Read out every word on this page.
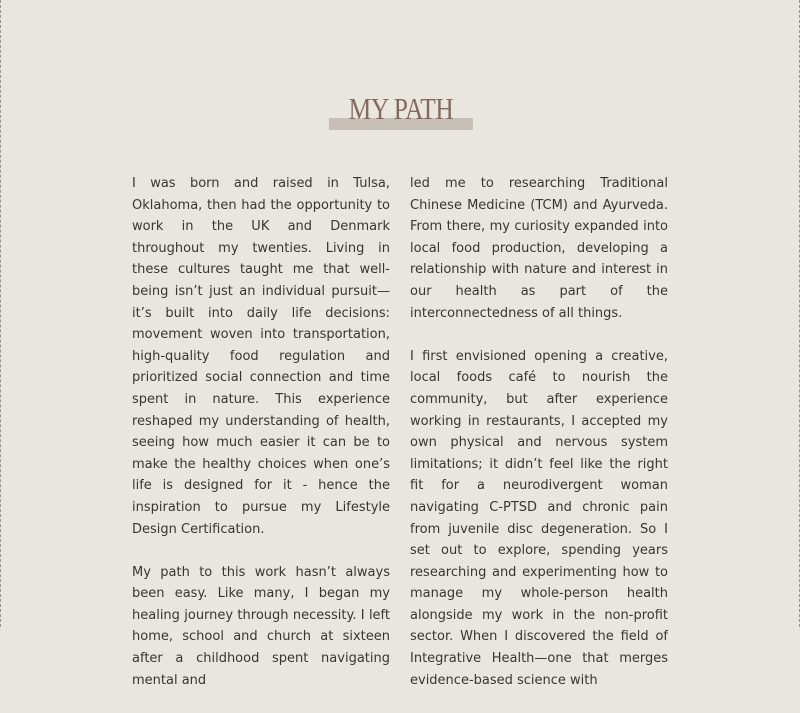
MY PATH

I was born and raised in Tulsa, Oklahoma, then had the opportunity to work in the UK and Denmark throughout my twenties. Living in these cultures taught me that well-being isn’t just an individual pursuit—it’s built into daily life decisions: movement woven into transportation, high-quality food regulation and prioritized social connection and time spent in nature. This experience reshaped my understanding of health, seeing how much easier it can be to make the healthy choices when one’s life is designed for it - hence the inspiration to pursue my Lifestyle Design Certification.

My path to this work hasn’t always been easy. Like many, I began my healing journey through necessity. I left home, school and church at sixteen after a childhood spent navigating mental and

led me to researching Traditional Chinese Medicine (TCM) and Ayurveda. From there, my curiosity expanded into local food production, developing a relationship with nature and interest in our health as part of the interconnectedness of all things.

I first envisioned opening a creative, local foods café to nourish the community, but after experience working in restaurants, I accepted my own physical and nervous system limitations; it didn’t feel like the right fit for a neurodivergent woman navigating C-PTSD and chronic pain from juvenile disc degeneration. So I set out to explore, spending years researching and experimenting how to manage my whole-person health alongside my work in the non-profit sector. When I discovered the field of Integrative Health—one that merges evidence-based science with
